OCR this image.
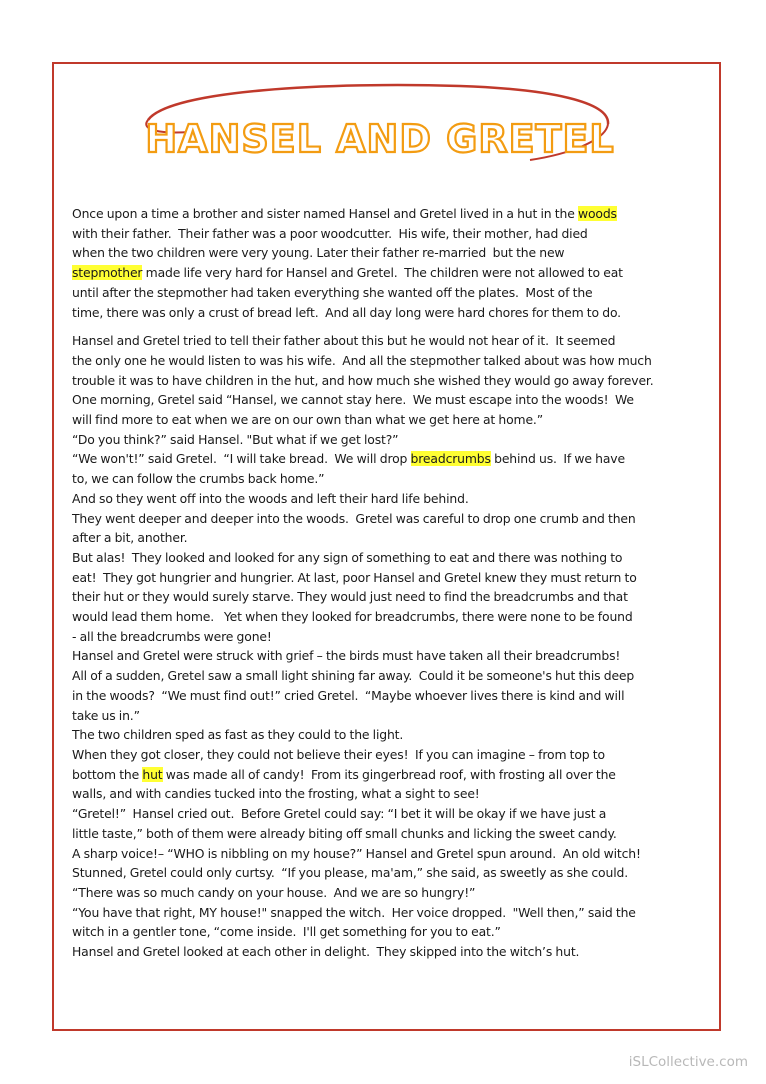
HANSEL AND GRETEL
Once upon a time a brother and sister named Hansel and Gretel lived in a hut in the woods
with their father.  Their father was a poor woodcutter.  His wife, their mother, had died
when the two children were very young. Later their father re-married  but the new
stepmother made life very hard for Hansel and Gretel.  The children were not allowed to eat
until after the stepmother had taken everything she wanted off the plates.  Most of the
time, there was only a crust of bread left.  And all day long were hard chores for them to do.
Hansel and Gretel tried to tell their father about this but he would not hear of it.  It seemed
the only one he would listen to was his wife.  And all the stepmother talked about was how much
trouble it was to have children in the hut, and how much she wished they would go away forever.
One morning, Gretel said “Hansel, we cannot stay here.  We must escape into the woods!  We
will find more to eat when we are on our own than what we get here at home.”
“Do you think?” said Hansel. "But what if we get lost?”
“We won't!” said Gretel.  “I will take bread.  We will drop breadcrumbs behind us.  If we have
to, we can follow the crumbs back home.”
And so they went off into the woods and left their hard life behind.
They went deeper and deeper into the woods.  Gretel was careful to drop one crumb and then
after a bit, another.
But alas!  They looked and looked for any sign of something to eat and there was nothing to
eat!  They got hungrier and hungrier. At last, poor Hansel and Gretel knew they must return to
their hut or they would surely starve. They would just need to find the breadcrumbs and that
would lead them home.   Yet when they looked for breadcrumbs, there were none to be found
- all the breadcrumbs were gone!
Hansel and Gretel were struck with grief – the birds must have taken all their breadcrumbs!
All of a sudden, Gretel saw a small light shining far away.  Could it be someone's hut this deep
in the woods?  “We must find out!” cried Gretel.  “Maybe whoever lives there is kind and will
take us in.”
The two children sped as fast as they could to the light.
When they got closer, they could not believe their eyes!  If you can imagine – from top to
bottom the hut was made all of candy!  From its gingerbread roof, with frosting all over the
walls, and with candies tucked into the frosting, what a sight to see!
“Gretel!”  Hansel cried out.  Before Gretel could say: “I bet it will be okay if we have just a
little taste,” both of them were already biting off small chunks and licking the sweet candy.
A sharp voice!– “WHO is nibbling on my house?” Hansel and Gretel spun around.  An old witch!
Stunned, Gretel could only curtsy.  “If you please, ma'am,” she said, as sweetly as she could.
“There was so much candy on your house.  And we are so hungry!”
“You have that right, MY house!" snapped the witch.  Her voice dropped.  "Well then,” said the
witch in a gentler tone, “come inside.  I'll get something for you to eat.”
Hansel and Gretel looked at each other in delight.  They skipped into the witch’s hut.
iSLCollective.com
